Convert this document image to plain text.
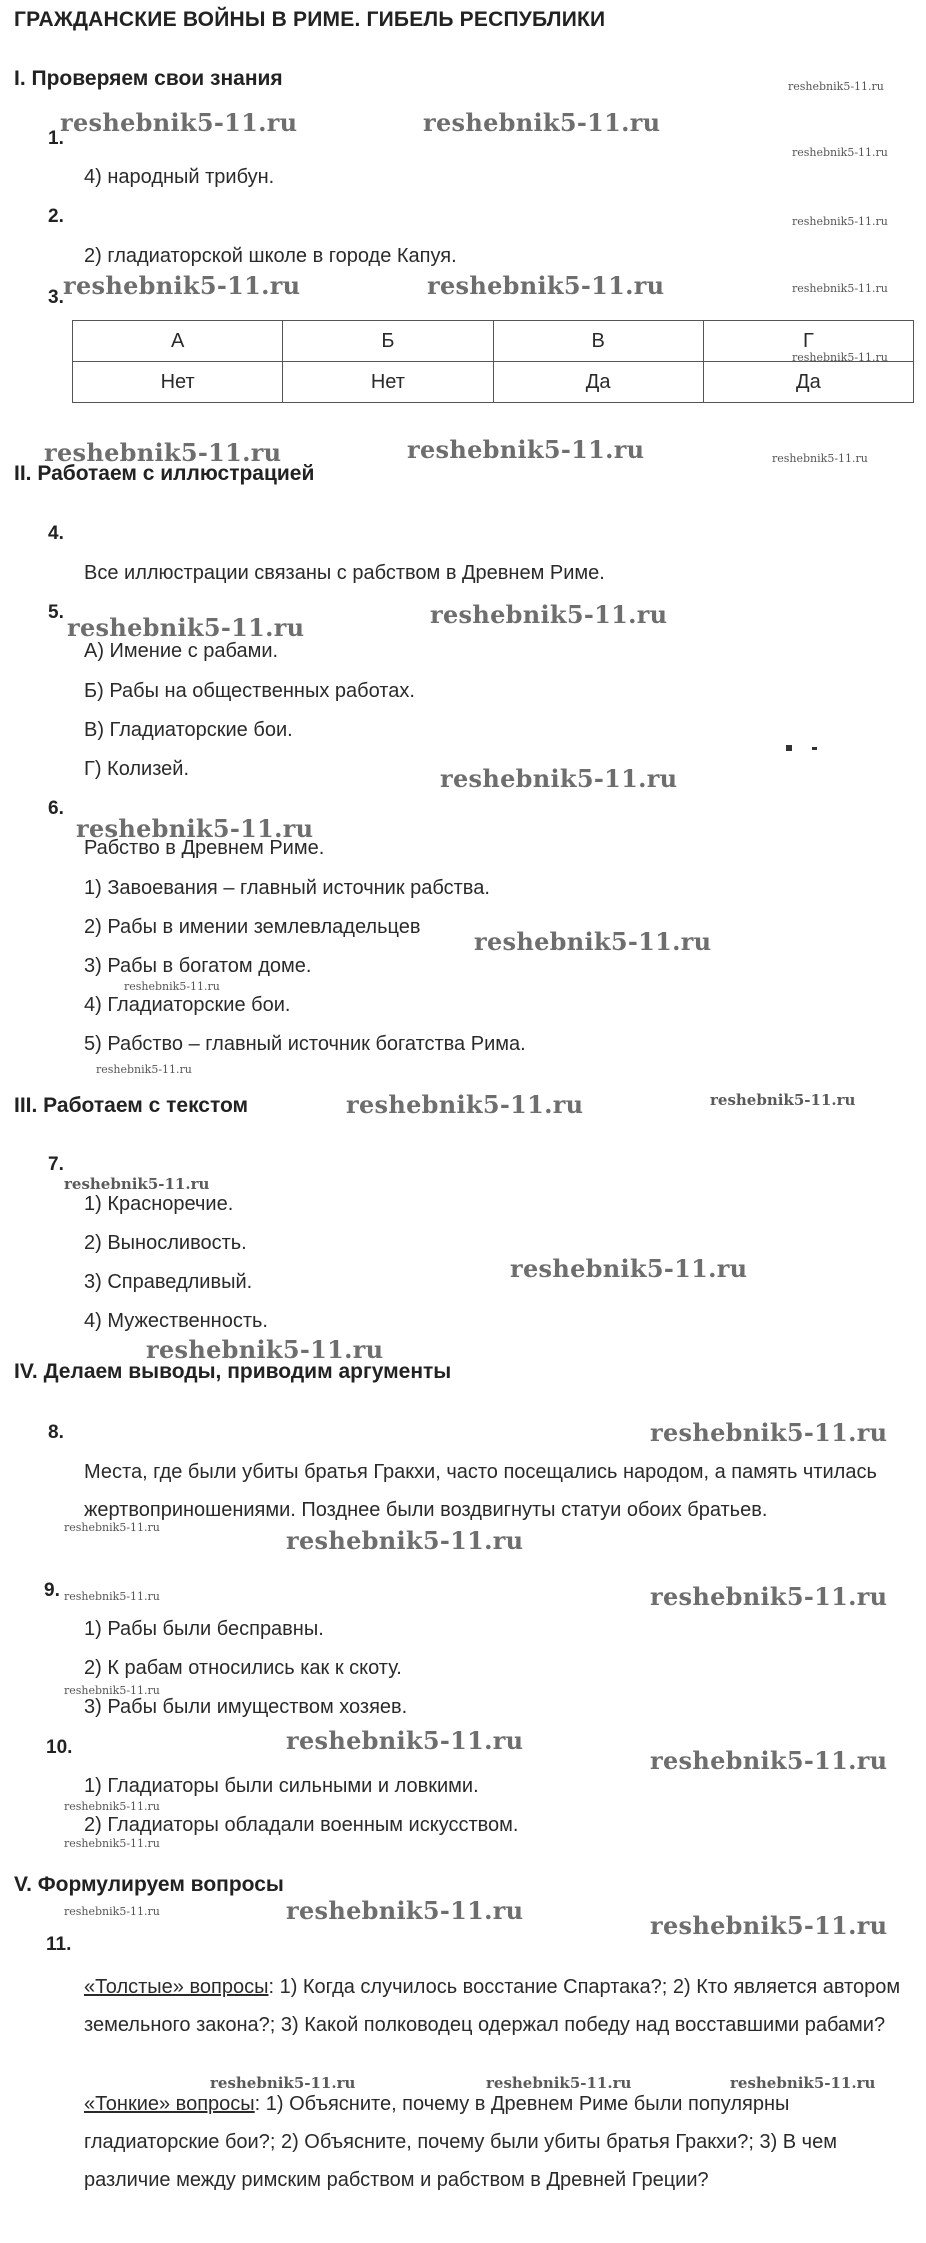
ГРАЖДАНСКИЕ ВОЙНЫ В РИМЕ. ГИБЕЛЬ РЕСПУБЛИКИ
I. Проверяем свои знания
1.
4) народный трибун.
2.
2) гладиаторской школе в городе Капуя.
3.
А	Б	В	Г
Нет	Нет	Да	Да
II. Работаем с иллюстрацией
4.
Все иллюстрации связаны с рабством в Древнем Риме.
5.
А) Имение с рабами.
Б) Рабы на общественных работах.
В) Гладиаторские бои.
Г) Колизей.
6.
Рабство в Древнем Риме.
1) Завоевания – главный источник рабства.
2) Рабы в имении землевладельцев
3) Рабы в богатом доме.
4) Гладиаторские бои.
5) Рабство – главный источник богатства Рима.
III. Работаем с текстом
7.
1) Красноречие.
2) Выносливость.
3) Справедливый.
4) Мужественность.
IV. Делаем выводы, приводим аргументы
8.
Места, где были убиты братья Гракхи, часто посещались народом, а память чтилась жертвоприношениями. Позднее были воздвигнуты статуи обоих братьев.
9.
1) Рабы были бесправны.
2) К рабам относились как к скоту.
3) Рабы были имуществом хозяев.
10.
1) Гладиаторы были сильными и ловкими.
2) Гладиаторы обладали военным искусством.
V. Формулируем вопросы
11.
«Толстые» вопросы: 1) Когда случилось восстание Спартака?; 2) Кто является автором земельного закона?; 3) Какой полководец одержал победу над восставшими рабами?
«Тонкие» вопросы: 1) Объясните, почему в Древнем Риме были популярны гладиаторские бои?; 2) Объясните, почему были убиты братья Гракхи?; 3) В чем различие между римским рабством и рабством в Древней Греции?
reshebnik5-11.ru
reshebnik5-11.ru	reshebnik5-11.ru
reshebnik5-11.ru
reshebnik5-11.ru
reshebnik5-11.ru	reshebnik5-11.ru	reshebnik5-11.ru
reshebnik5-11.ru
reshebnik5-11.ru	reshebnik5-11.ru	reshebnik5-11.ru
reshebnik5-11.ru	reshebnik5-11.ru
reshebnik5-11.ru
reshebnik5-11.ru
reshebnik5-11.ru
reshebnik5-11.ru
reshebnik5-11.ru
reshebnik5-11.ru	reshebnik5-11.ru
reshebnik5-11.ru
reshebnik5-11.ru
reshebnik5-11.ru
reshebnik5-11.ru
reshebnik5-11.ru	reshebnik5-11.ru
reshebnik5-11.ru	reshebnik5-11.ru
reshebnik5-11.ru
reshebnik5-11.ru
reshebnik5-11.ru
reshebnik5-11.ru
reshebnik5-11.ru
reshebnik5-11.ru	reshebnik5-11.ru
reshebnik5-11.ru
reshebnik5-11.ru	reshebnik5-11.ru	reshebnik5-11.ru
